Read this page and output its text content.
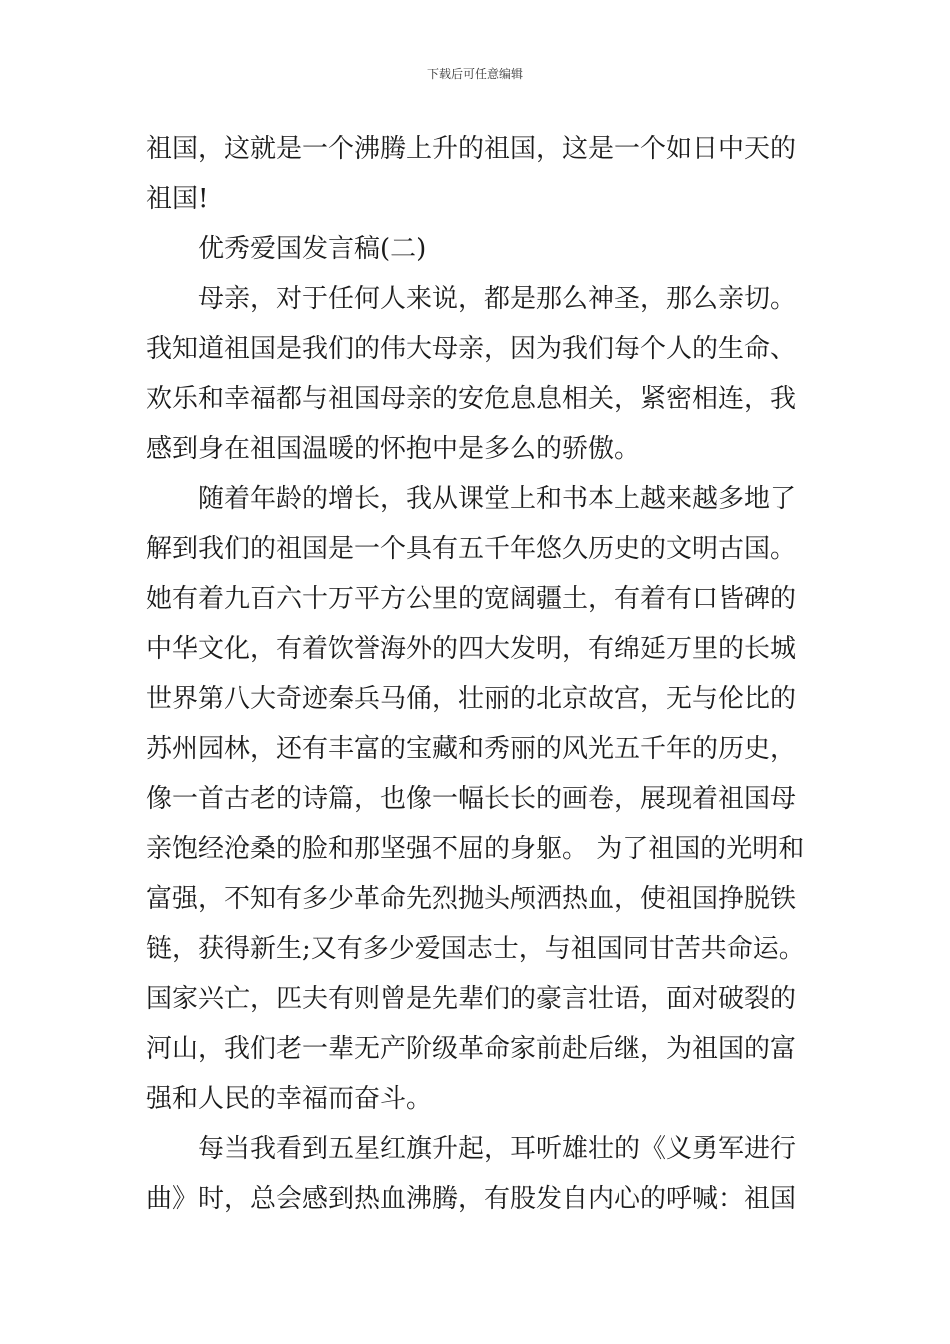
下载后可任意编辑
祖国，这就是一个沸腾上升的祖国，这是一个如日中天的
祖国!
优秀爱国发言稿(二)
母亲，对于任何人来说，都是那么神圣，那么亲切。
我知道祖国是我们的伟大母亲，因为我们每个人的生命、
欢乐和幸福都与祖国母亲的安危息息相关，紧密相连，我
感到身在祖国温暖的怀抱中是多么的骄傲。
随着年龄的增长，我从课堂上和书本上越来越多地了
解到我们的祖国是一个具有五千年悠久历史的文明古国。
她有着九百六十万平方公里的宽阔疆土，有着有口皆碑的
中华文化，有着饮誉海外的四大发明，有绵延万里的长城
世界第八大奇迹秦兵马俑，壮丽的北京故宫，无与伦比的
苏州园林，还有丰富的宝藏和秀丽的风光五千年的历史，
像一首古老的诗篇，也像一幅长长的画卷，展现着祖国母
亲饱经沧桑的脸和那坚强不屈的身躯。 为了祖国的光明和
富强，不知有多少革命先烈抛头颅洒热血，使祖国挣脱铁
链，获得新生;又有多少爱国志士，与祖国同甘苦共命运。
国家兴亡，匹夫有则曾是先辈们的豪言壮语，面对破裂的
河山，我们老一辈无产阶级革命家前赴后继，为祖国的富
强和人民的幸福而奋斗。
每当我看到五星红旗升起，耳听雄壮的《义勇军进行
曲》时，总会感到热血沸腾，有股发自内心的呼喊：祖国
